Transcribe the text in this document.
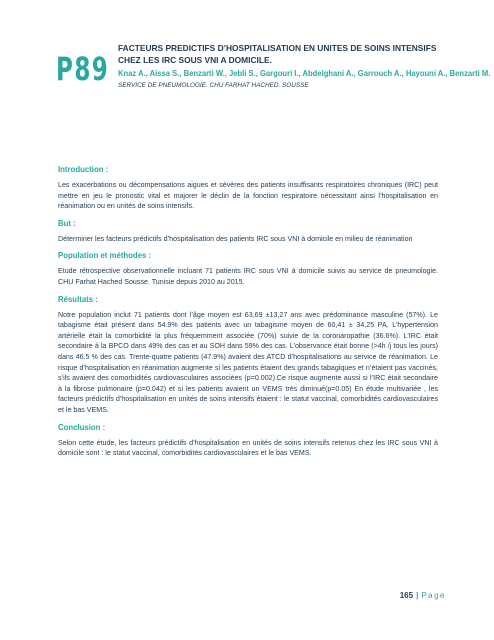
P89
FACTEURS PREDICTIFS D’HOSPITALISATION EN UNITES DE SOINS INTENSIFS CHEZ LES IRC SOUS VNI A DOMICILE.
Knaz A., Aissa S., Benzarti W., Jebli S., Gargouri I., Abdelghani A., Garrouch A., Hayouni A., Benzarti M.
SERVICE DE PNEUMOLOGIE. CHU FARHAT HACHED. SOUSSE
Introduction :

Les exacerbations ou décompensations aigues et sévères des patients insuffisants respiratoires chroniques (IRC) peut mettre en jeu le pronostic vital et majorer le déclin de la fonction respiratoire nécessitant ainsi l’hospitalisation en réanimation ou en unités de soins intensifs.

But :

Déterminer les facteurs prédictifs d’hospitalisation des patients IRC sous VNI à domicile en milieu de réanimation

Population et méthodes :

Etude rétrospective observationnelle incluant 71 patients IRC sous VNI à domicile suivis au service de pneumologie. CHU Farhat Hached Sousse. Tunisie depuis 2010 au 2015.

Résultats :

Notre population inclut 71 patients dont l’âge moyen est 63,69 ±13,27 ans avec prédominance masculine (57%). Le tabagisme était présent dans 54.9% des patients avec un tabagisme moyen de 60,41 ± 34,25 PA. L’hypertension artérielle était la comorbidité la plus fréquemment associée (70%) suivie de la coronaropathie (36.6%). L’IRC était secondaire à la BPCO dans 49% des cas et au SOH dans 59% des cas. L’observance était bonne (>4h /j tous les jours) dans 46.5 % des cas. Trente-quatre patients (47.9%) avaient des ATCD d’hospitalisations au service de réanimation. Le risque d’hospitalisation en réanimation augmente si les patients étaient des grands tabagiques et n’étaient pas vaccinés, s’ils avaient des comorbidités cardiovasculaires associées (p=0.002).Ce risque augmente aussi si l’IRC était secondaire à la fibrose pulmonaire (p=0.042) et si les patients avaient un VEMS très diminué(p=0.05) En étude multivariée , les facteurs prédictifs d’hospitalisation en unités de soins intensifs étaient : le statut vaccinal, comorbidités cardiovasculaires et le bas VEMS.

Conclusion :

Selon cette étude, les facteurs prédictifs d’hospitalisation en unités de soins intensifs retenus chez les IRC sous VNI à domicile sont : le statut vaccinal, comorbidités cardiovasculaires et le bas VEMS.

165 | Page
